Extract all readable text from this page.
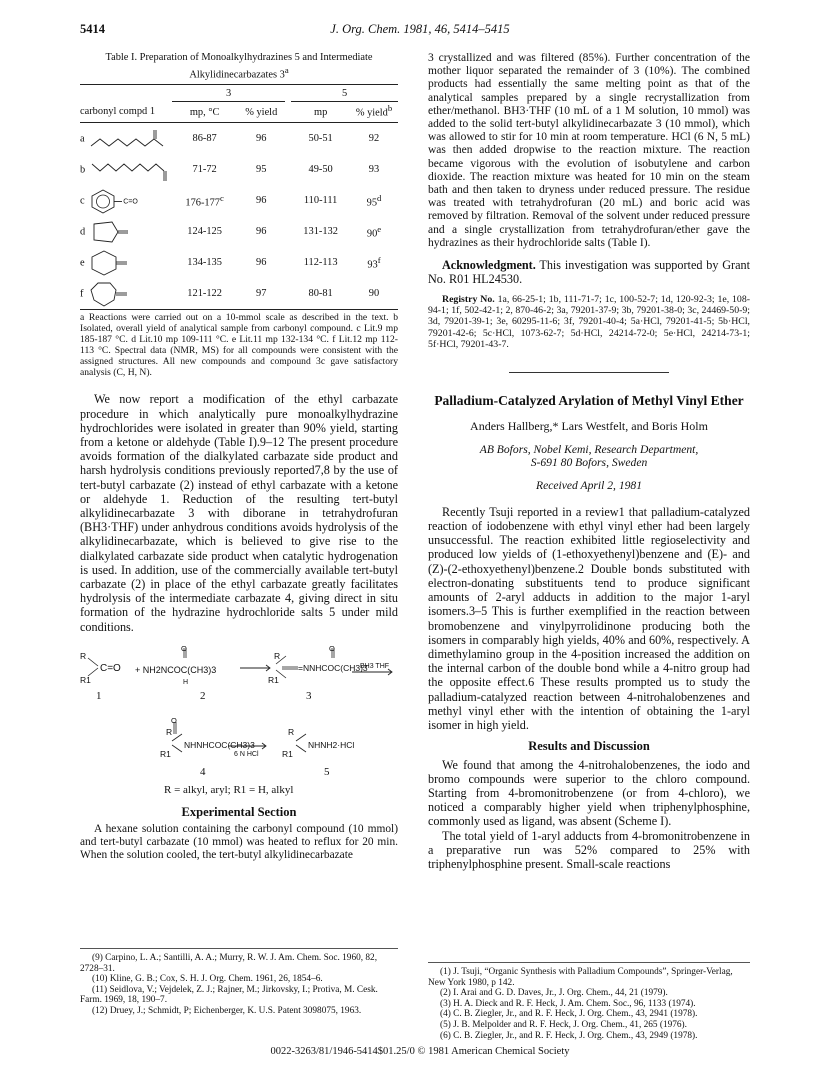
5414	J. Org. Chem. 1981, 46, 5414–5415
Table I. Preparation of Monoalkylhydrazines 5 and Intermediate Alkylidinecarbazates 3$^a$
	3			5	
carbonyl compd 1	mp, °C	% yield		mp	% yield$^b$
a	86-87	96		50-51	92
b	71-72	95		49-50	93
c C=O	176-177$^c$	96		110-111	95$^d$
d	124-125	96		131-132	90e
e	134-135	96		112-113	93$^f$
f	121-122	97		80-81	90

a Reactions were carried out on a 10-mmol scale as described in the text. b Isolated, overall yield of analytical sample from carbonyl compound. c Lit.9 mp 185-187 °C. d Lit.10 mp 109-111 °C. e Lit.11 mp 132-134 °C. f Lit.12 mp 112-113 °C. Spectral data (NMR, MS) for all compounds were consistent with the assigned structures. All new compounds and compound 3c gave satisfactory analysis (C, H, N).

We now report a modification of the ethyl carbazate procedure in which analytically pure monoalkylhydrazine hydrochlorides were isolated in greater than 90% yield, starting from a ketone or aldehyde (Table I).9–12 The present procedure avoids formation of the dialkylated carbazate side product and harsh hydrolysis conditions previously reported7,8 by the use of tert-butyl carbazate (2) instead of ethyl carbazate with a ketone or aldehyde 1. Reduction of the resulting tert-butyl alkylidinecarbazate 3 with diborane in tetrahydrofuran (BH3·THF) under anhydrous conditions avoids hydrolysis of the alkylidinecarbazate, which is believed to give rise to the dialkylated carbazate side product when catalytic hydrogenation is used. In addition, use of the commercially available tert-butyl carbazate (2) in place of the ethyl carbazate greatly facilitates hydrolysis of the intermediate carbazate 4, giving direct in situ formation of the hydrazine hydrochloride salts 5 under mild conditions.

R
R1
C=O
O
+ NH2NCOC(CH3)3
H
R
R1
O
=NNHCOC(CH3)3
BH3 THF
1	2	3
O
R
R1
NHNHCOC(CH3)3
6 N HCl
R
R1
NHNH2·HCl
4	5
R = alkyl, aryl; R1 = H, alkyl
Experimental Section

A hexane solution containing the carbonyl compound (10 mmol) and tert-butyl carbazate (10 mmol) was heated to reflux for 20 min. When the solution cooled, the tert-butyl alkylidinecarbazate

(9) Carpino, L. A.; Santilli, A. A.; Murry, R. W. J. Am. Chem. Soc. 1960, 82, 2728–31.

(10) Kline, G. B.; Cox, S. H. J. Org. Chem. 1961, 26, 1854–6.

(11) Seidlova, V.; Vejdelek, Z. J.; Rajner, M.; Jirkovsky, I.; Protiva, M. Cesk. Farm. 1969, 18, 190–7.

(12) Druey, J.; Schmidt, P; Eichenberger, K. U.S. Patent 3098075, 1963.

3 crystallized and was filtered (85%). Further concentration of the mother liquor separated the remainder of 3 (10%). The combined products had essentially the same melting point as that of the analytical samples prepared by a single recrystallization from ether/methanol. BH3·THF (10 mL of a 1 M solution, 10 mmol) was added to the solid tert-butyl alkylidinecarbazate 3 (10 mmol), which was allowed to stir for 10 min at room temperature. HCl (6 N, 5 mL) was then added dropwise to the reaction mixture. The reaction became vigorous with the evolution of isobutylene and carbon dioxide. The reaction mixture was heated for 10 min on the steam bath and then taken to dryness under reduced pressure. The residue was treated with tetrahydrofuran (20 mL) and boric acid was removed by filtration. Removal of the solvent under reduced pressure and a single crystallization from tetrahydrofuran/ether gave the hydrazines as their hydrochloride salts (Table I).

Acknowledgment. This investigation was supported by Grant No. R01 HL24530.

Registry No. 1a, 66-25-1; 1b, 111-71-7; 1c, 100-52-7; 1d, 120-92-3; 1e, 108-94-1; 1f, 502-42-1; 2, 870-46-2; 3a, 79201-37-9; 3b, 79201-38-0; 3c, 24469-50-9; 3d, 79201-39-1; 3e, 60295-11-6; 3f, 79201-40-4; 5a·HCl, 79201-41-5; 5b·HCl, 79201-42-6; 5c·HCl, 1073-62-7; 5d·HCl, 24214-72-0; 5e·HCl, 24214-73-1; 5f·HCl, 79201-43-7.

Palladium-Catalyzed Arylation of Methyl Vinyl Ether
Anders Hallberg,* Lars Westfelt, and Boris Holm
AB Bofors, Nobel Kemi, Research Department,
S-691 80 Bofors, Sweden
Received April 2, 1981

Recently Tsuji reported in a review1 that palladium-catalyzed reaction of iodobenzene with ethyl vinyl ether had been largely unsuccessful. The reaction exhibited little regioselectivity and produced low yields of (1-ethoxyethenyl)benzene and (E)- and (Z)-(2-ethoxyethenyl)benzene.2 Double bonds substituted with electron-donating substituents tend to produce significant amounts of 2-aryl adducts in addition to the major 1-aryl isomers.3–5 This is further exemplified in the reaction between bromobenzene and vinylpyrrolidinone producing both the isomers in comparably high yields, 40% and 60%, respectively. A dimethylamino group in the 4-position increased the addition on the internal carbon of the double bond while a 4-nitro group had the opposite effect.6 These results prompted us to study the palladium-catalyzed reaction between 4-nitrohalobenzenes and methyl vinyl ether with the intention of obtaining the 1-aryl isomer in high yield.

Results and Discussion

We found that among the 4-nitrohalobenzenes, the iodo and bromo compounds were superior to the chloro compound. Starting from 4-bromonitrobenzene (or from 4-chloro), we noticed a comparably higher yield when triphenylphosphine, commonly used as ligand, was absent (Scheme I).

The total yield of 1-aryl adducts from 4-bromonitrobenzene in a preparative run was 52% compared to 25% with triphenylphosphine present. Small-scale reactions

(1) J. Tsuji, “Organic Synthesis with Palladium Compounds”, Springer-Verlag, New York 1980, p 142.

(2) I. Arai and G. D. Daves, Jr., J. Org. Chem., 44, 21 (1979).

(3) H. A. Dieck and R. F. Heck, J. Am. Chem. Soc., 96, 1133 (1974).

(4) C. B. Ziegler, Jr., and R. F. Heck, J. Org. Chem., 43, 2941 (1978).

(5) J. B. Melpolder and R. F. Heck, J. Org. Chem., 41, 265 (1976).

(6) C. B. Ziegler, Jr., and R. F. Heck, J. Org. Chem., 43, 2949 (1978).

0022-3263/81/1946-5414$01.25/0 © 1981 American Chemical Society
